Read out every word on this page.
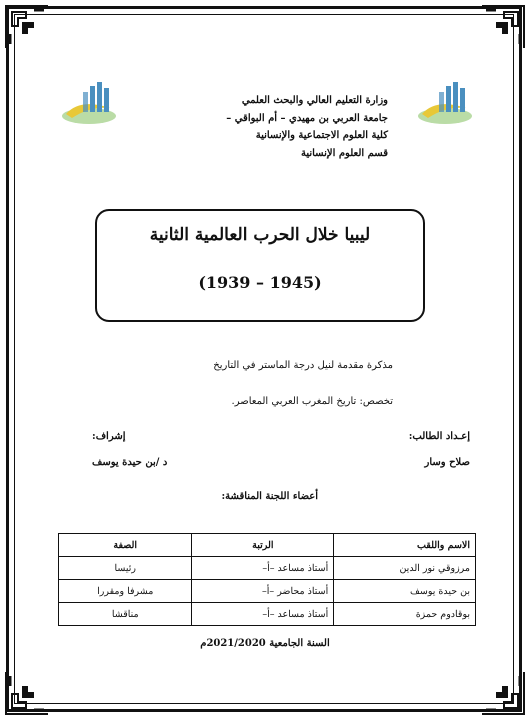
وزارة التعليم العالي والبحث العلمي
جامعة العربي بن مهيدي – أم البواقي –
كلية العلوم الاجتماعية والإنسانية
قسم العلوم الإنسانية
ليبيا خلال الحرب العالمية الثانية
(1939 – 1945)
مذكرة مقدمة لنيل درجة الماستر في التاريخ
تخصص: تاريخ المغرب العربي المعاصر.
إعـداد الطالب:
صلاح وسار
إشراف:
د /بن حيدة يوسف
أعضاء اللجنة المناقشة:
الاسم واللقب	الرتبة	الصفة
مرزوقي نور الدين	أستاذ مساعد –أ–	رئيسا
بن حيدة يوسف	أستاذ محاضر –أ–	مشرفا ومقررا
بوقادوم حمزة	أستاذ مساعد –أ–	مناقشا
السنة الجامعية 2021/2020م
